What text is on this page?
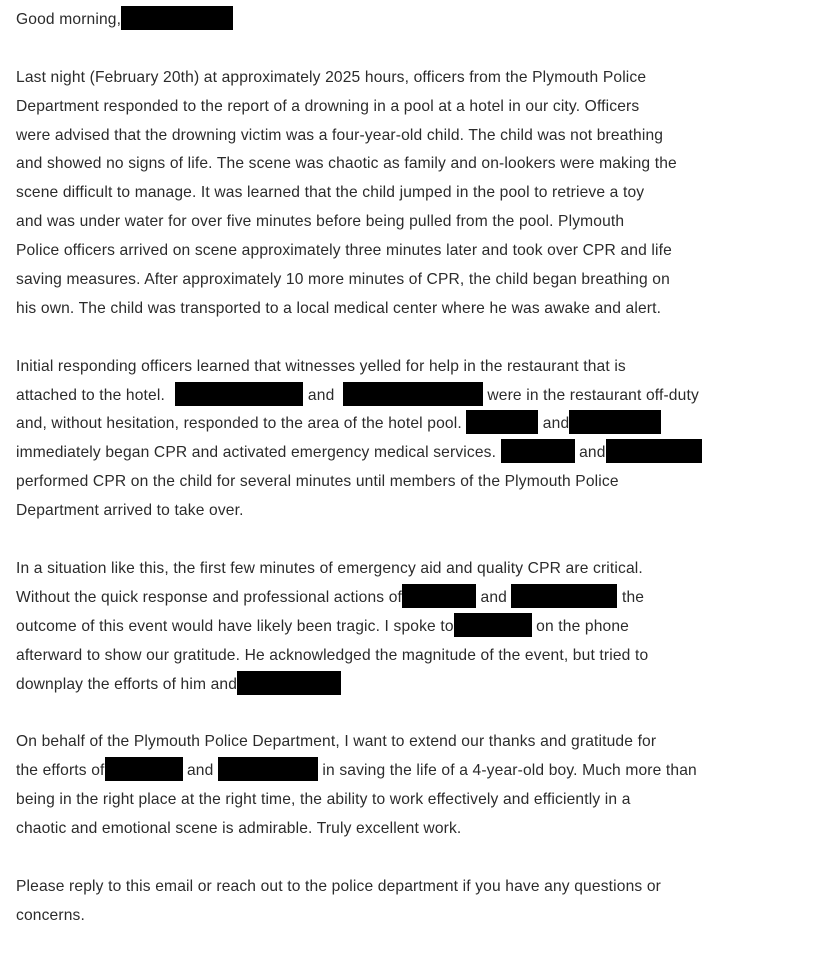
Good morning,
Last night (February 20th) at approximately 2025 hours, officers from the Plymouth Police
Department responded to the report of a drowning in a pool at a hotel in our city. Officers
were advised that the drowning victim was a four-year-old child. The child was not breathing
and showed no signs of life. The scene was chaotic as family and on-lookers were making the
scene difficult to manage. It was learned that the child jumped in the pool to retrieve a toy
and was under water for over five minutes before being pulled from the pool. Plymouth
Police officers arrived on scene approximately three minutes later and took over CPR and life
saving measures. After approximately 10 more minutes of CPR, the child began breathing on
his own. The child was transported to a local medical center where he was awake and alert.
Initial responding officers learned that witnesses yelled for help in the restaurant that is
attached to the hotel.	and	were in the restaurant off-duty
and, without hesitation, responded to the area of the hotel pool.	and
immediately began CPR and activated emergency medical services.	and
performed CPR on the child for several minutes until members of the Plymouth Police
Department arrived to take over.
In a situation like this, the first few minutes of emergency aid and quality CPR are critical.
Without the quick response and professional actions of	and	the
outcome of this event would have likely been tragic. I spoke to	on the phone
afterward to show our gratitude. He acknowledged the magnitude of the event, but tried to
downplay the efforts of him and
On behalf of the Plymouth Police Department, I want to extend our thanks and gratitude for
the efforts of	and	in saving the life of a 4-year-old boy. Much more than
being in the right place at the right time, the ability to work effectively and efficiently in a
chaotic and emotional scene is admirable. Truly excellent work.
Please reply to this email or reach out to the police department if you have any questions or
concerns.
